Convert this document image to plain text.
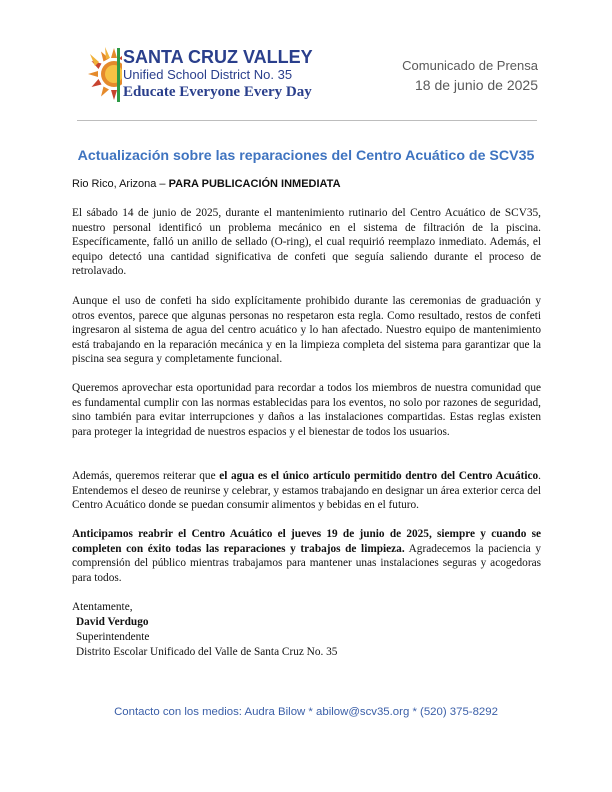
SANTA CRUZ VALLEY
Unified School District No. 35
Educate Everyone Every Day
Comunicado de Prensa
18 de junio de 2025
Actualización sobre las reparaciones del Centro Acuático de SCV35
Rio Rico, Arizona – PARA PUBLICACIÓN INMEDIATA

El sábado 14 de junio de 2025, durante el mantenimiento rutinario del Centro Acuático de SCV35, nuestro personal identificó un problema mecánico en el sistema de filtración de la piscina. Específicamente, falló un anillo de sellado (O-ring), el cual requirió reemplazo inmediato. Además, el equipo detectó una cantidad significativa de confeti que seguía saliendo durante el proceso de retrolavado.

Aunque el uso de confeti ha sido explícitamente prohibido durante las ceremonias de graduación y otros eventos, parece que algunas personas no respetaron esta regla. Como resultado, restos de confeti ingresaron al sistema de agua del centro acuático y lo han afectado. Nuestro equipo de mantenimiento está trabajando en la reparación mecánica y en la limpieza completa del sistema para garantizar que la piscina sea segura y completamente funcional.

Queremos aprovechar esta oportunidad para recordar a todos los miembros de nuestra comunidad que es fundamental cumplir con las normas establecidas para los eventos, no solo por razones de seguridad, sino también para evitar interrupciones y daños a las instalaciones compartidas. Estas reglas existen para proteger la integridad de nuestros espacios y el bienestar de todos los usuarios.

Además, queremos reiterar que el agua es el único artículo permitido dentro del Centro Acuático. Entendemos el deseo de reunirse y celebrar, y estamos trabajando en designar un área exterior cerca del Centro Acuático donde se puedan consumir alimentos y bebidas en el futuro.

Anticipamos reabrir el Centro Acuático el jueves 19 de junio de 2025, siempre y cuando se completen con éxito todas las reparaciones y trabajos de limpieza. Agradecemos la paciencia y comprensión del público mientras trabajamos para mantener unas instalaciones seguras y acogedoras para todos.

Atentamente,
David Verdugo
Superintendente
Distrito Escolar Unificado del Valle de Santa Cruz No. 35
Contacto con los medios: Audra Bilow * abilow@scv35.org * (520) 375-8292
